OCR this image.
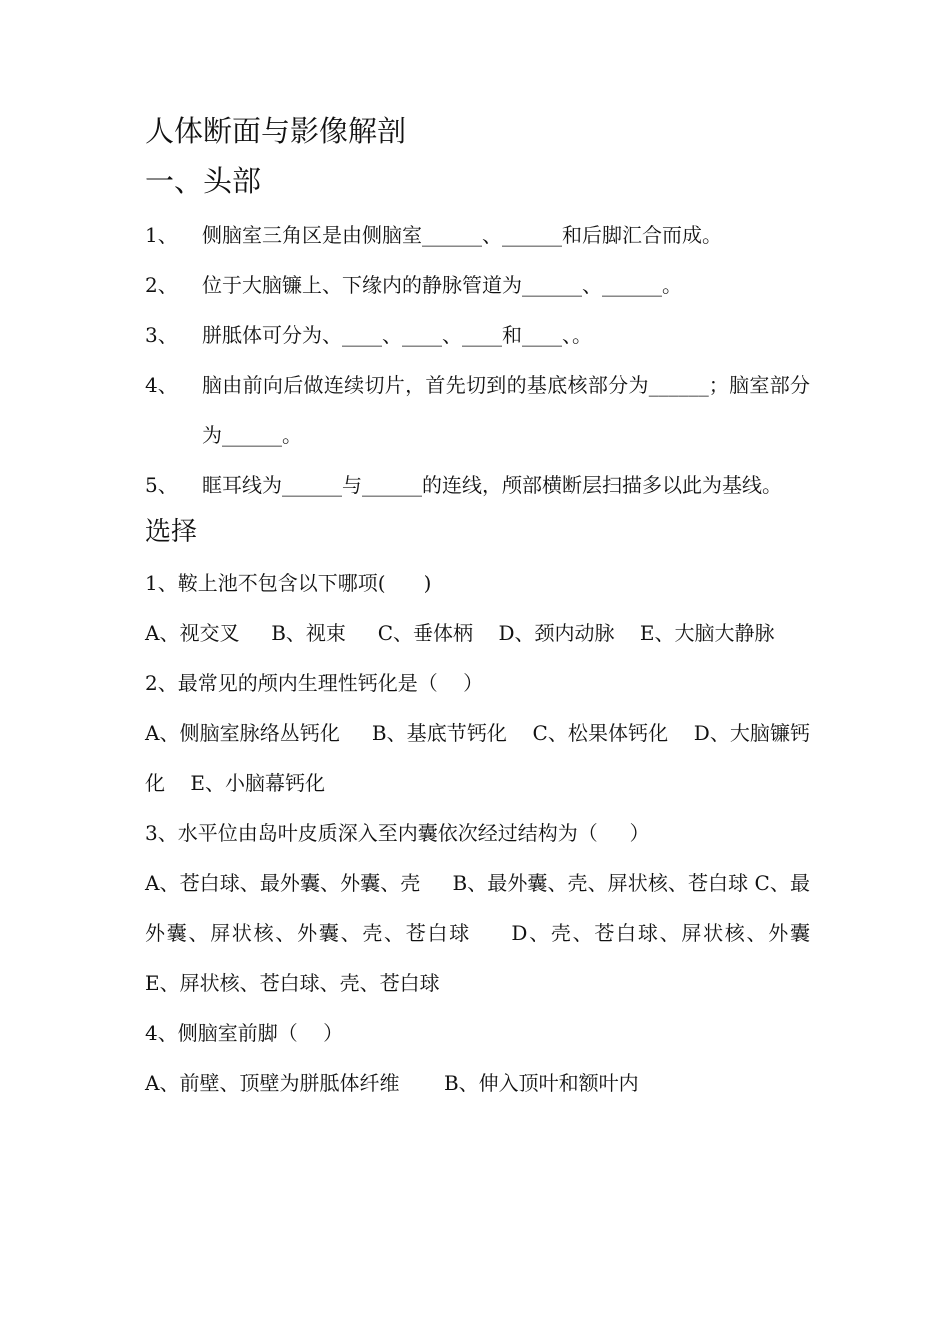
人体断面与影像解剖
一、头部
1、	侧脑室三角区是由侧脑室______、______和后脚汇合而成。
2、	位于大脑镰上、下缘内的静脉管道为______、______。
3、	胼胝体可分为、____、____、____和____、。
4、	脑由前向后做连续切片，首先切到的基底核部分为______；脑室部分为______。
5、	眶耳线为______与______的连线，颅部横断层扫描多以此为基线。
选择

1、鞍上池不包含以下哪项(      )

A、视交叉     B、视束     C、垂体柄    D、颈内动脉    E、大脑大静脉

2、最常见的颅内生理性钙化是（    ）

A、侧脑室脉络丛钙化     B、基底节钙化    C、松果体钙化    D、大脑镰钙化    E、小脑幕钙化

3、水平位由岛叶皮质深入至内囊依次经过结构为（     ）

A、苍白球、最外囊、外囊、壳     B、最外囊、壳、屏状核、苍白球 C、最外囊、屏状核、外囊、壳、苍白球     D、壳、苍白球、屏状核、外囊     E、屏状核、苍白球、壳、苍白球

4、侧脑室前脚（    ）

A、前壁、顶壁为胼胝体纤维       B、伸入顶叶和额叶内
